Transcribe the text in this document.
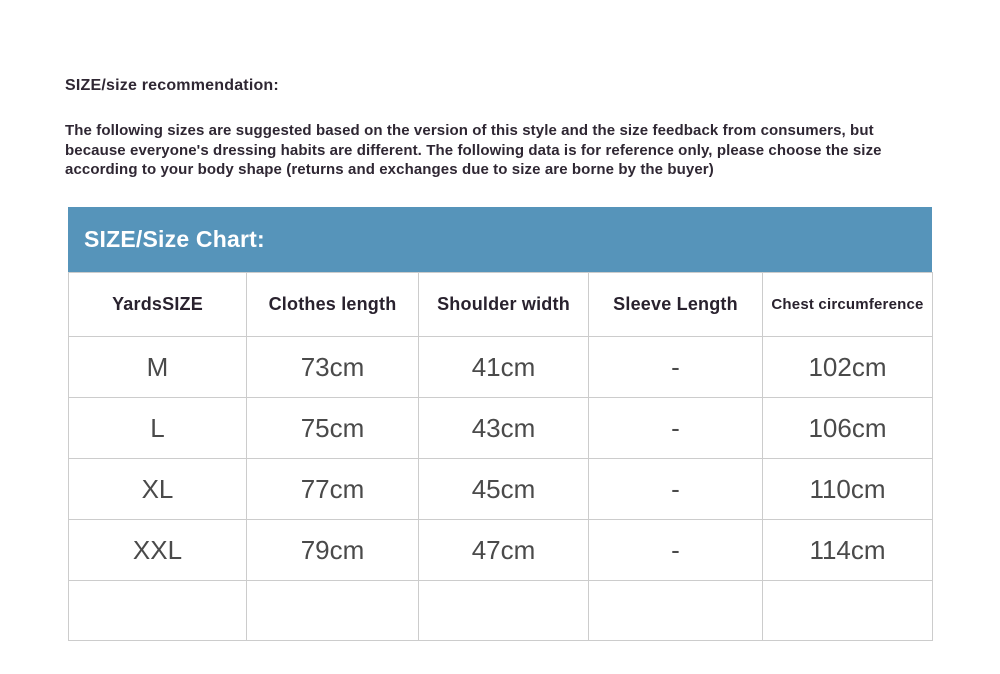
SIZE/size recommendation:
The following sizes are suggested based on the version of this style and the size feedback from consumers, but because everyone's dressing habits are different. The following data is for reference only, please choose the size according to your body shape (returns and exchanges due to size are borne by the buyer)
SIZE/Size Chart:
YardsSIZE	Clothes length	Shoulder width	Sleeve Length	Chest circumference
M	73cm	41cm	-	102cm
L	75cm	43cm	-	106cm
XL	77cm	45cm	-	110cm
XXL	79cm	47cm	-	114cm
